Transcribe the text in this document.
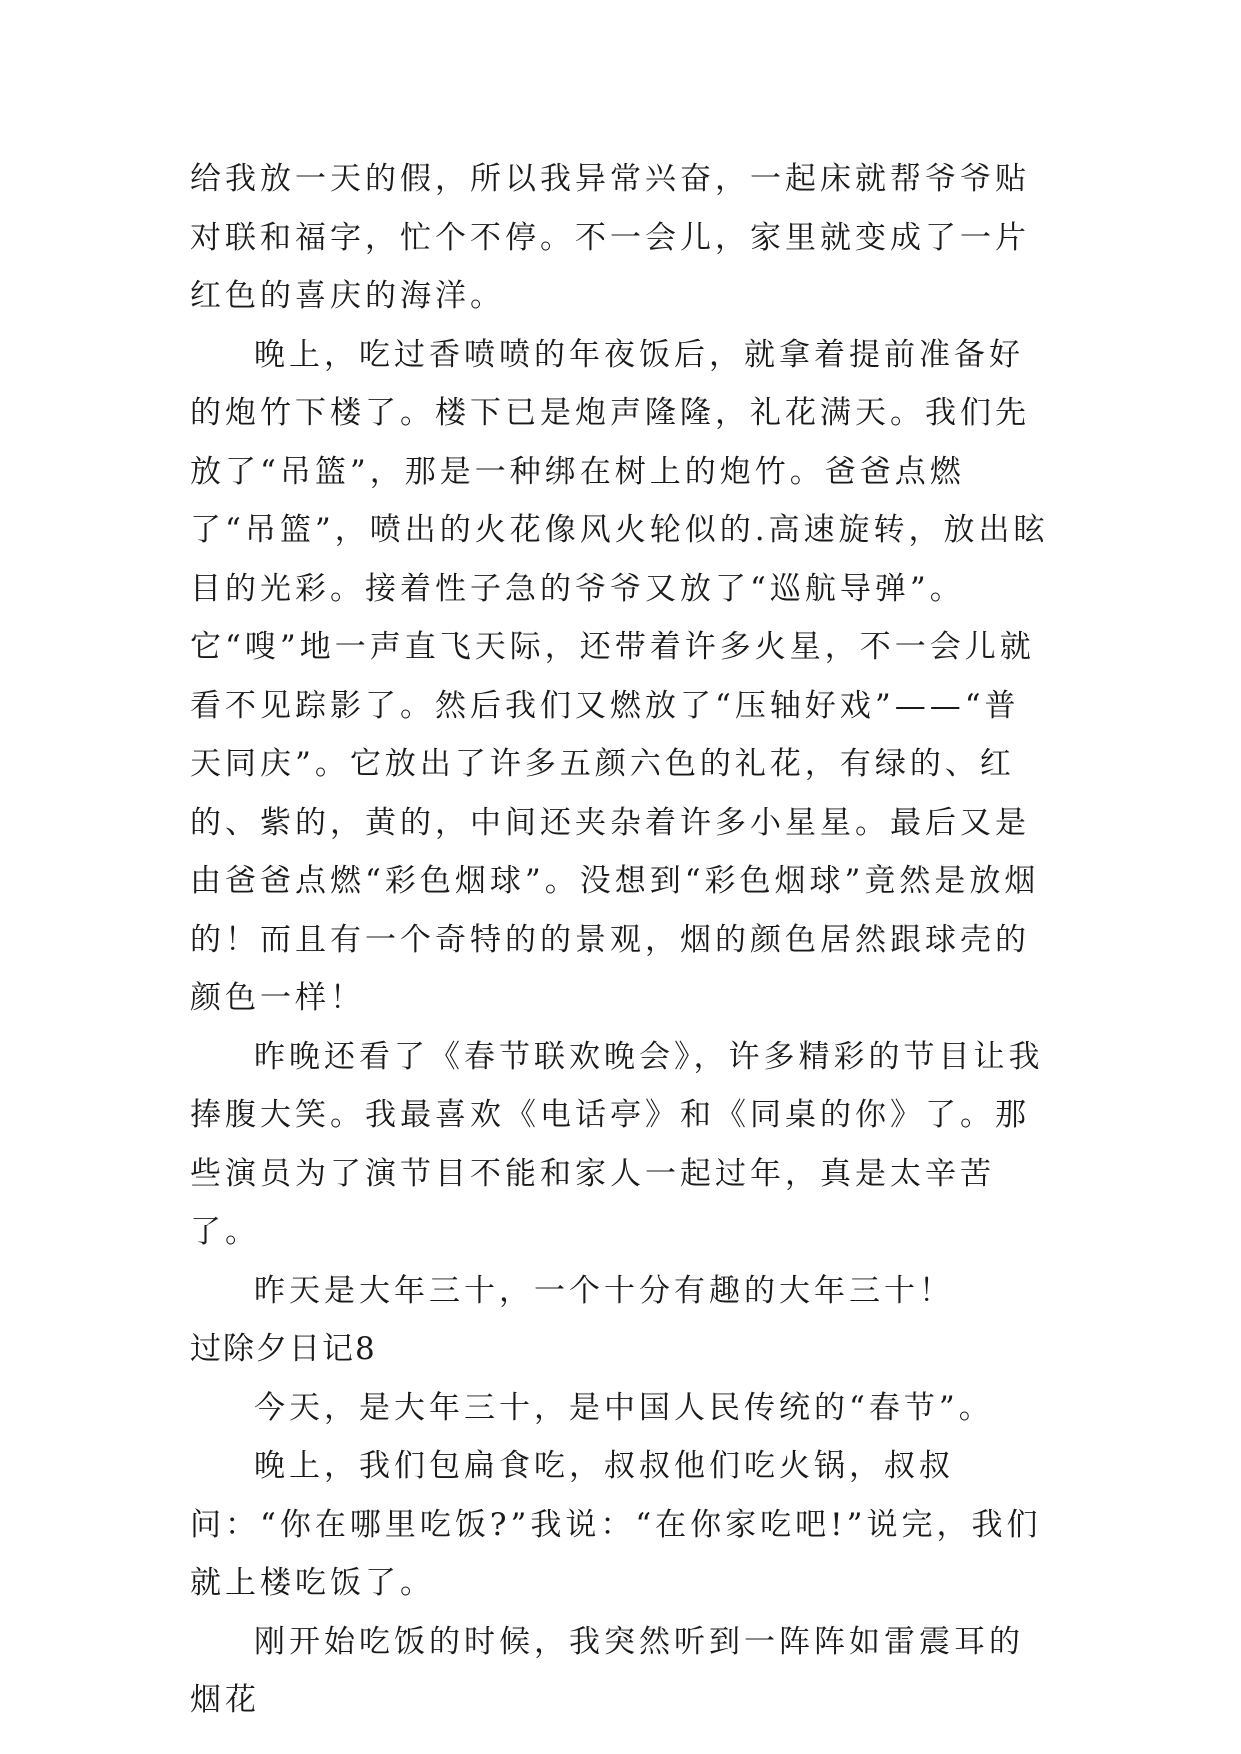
给我放一天的假，所以我异常兴奋，一起床就帮爷爷贴对联和福字，忙个不停。不一会儿，家里就变成了一片红色的喜庆的海洋。

晚上，吃过香喷喷的年夜饭后，就拿着提前准备好的炮竹下楼了。楼下已是炮声隆隆，礼花满天。我们先放了“吊篮”，那是一种绑在树上的炮竹。爸爸点燃了“吊篮”，喷出的火花像风火轮似的.高速旋转，放出眩目的光彩。接着性子急的爷爷又放了“巡航导弹”。它“嗖”地一声直飞天际，还带着许多火星，不一会儿就看不见踪影了。然后我们又燃放了“压轴好戏”——“普天同庆”。它放出了许多五颜六色的礼花，有绿的、红的、紫的，黄的，中间还夹杂着许多小星星。最后又是由爸爸点燃“彩色烟球”。没想到“彩色烟球”竟然是放烟的！而且有一个奇特的的景观，烟的颜色居然跟球壳的颜色一样！

昨晚还看了《春节联欢晚会》，许多精彩的节目让我捧腹大笑。我最喜欢《电话亭》和《同桌的你》了。那些演员为了演节目不能和家人一起过年，真是太辛苦了。

昨天是大年三十，一个十分有趣的大年三十！

过除夕日记8

今天，是大年三十，是中国人民传统的“春节”。

晚上，我们包扁食吃，叔叔他们吃火锅，叔叔问：“你在哪里吃饭?”我说：“在你家吃吧!”说完，我们就上楼吃饭了。

刚开始吃饭的时候，我突然听到一阵阵如雷震耳的烟花
